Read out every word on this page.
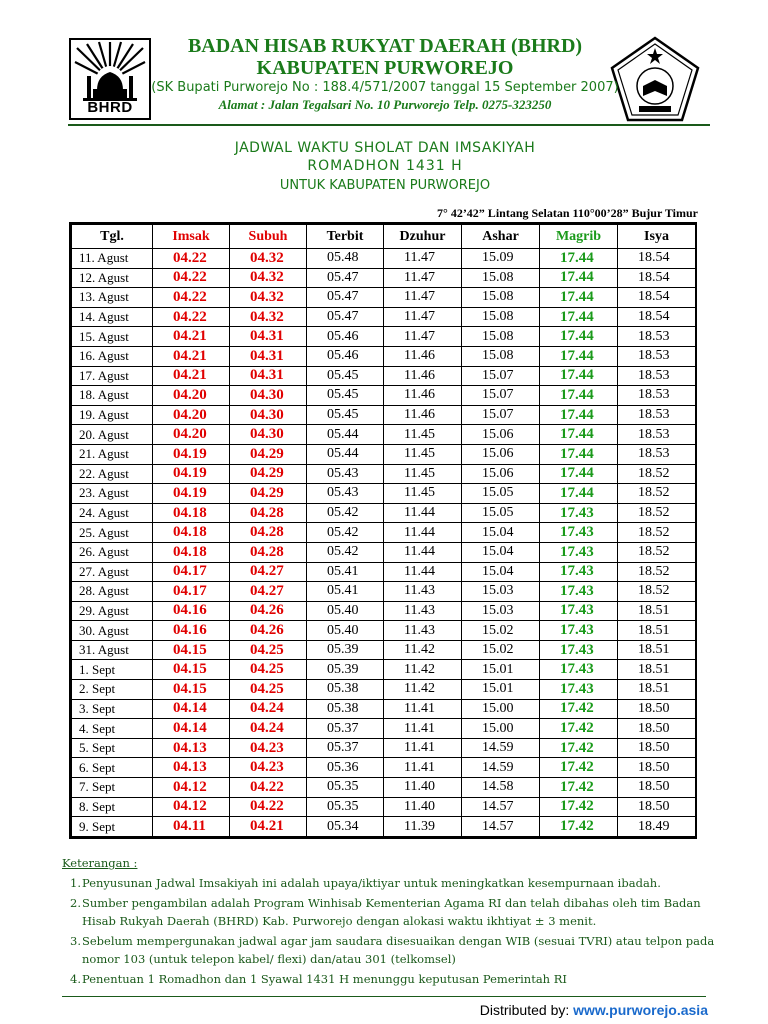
BHRD
BADAN HISAB RUKYAT DAERAH (BHRD)
KABUPATEN PURWOREJO
(SK Bupati Purworejo No : 188.4/571/2007 tanggal 15 September 2007)
Alamat : Jalan Tegalsari No. 10 Purworejo Telp. 0275-323250
JADWAL WAKTU SHOLAT DAN IMSAKIYAH
ROMADHON 1431 H
UNTUK KABUPATEN PURWOREJO
7° 42’42” Lintang Selatan 110°00’28” Bujur Timur
Tgl.	Imsak	Subuh	Terbit	Dzuhur	Ashar	Magrib	Isya
11. Agust	04.22	04.32	05.48	11.47	15.09	17.44	18.54
12. Agust	04.22	04.32	05.47	11.47	15.08	17.44	18.54
13. Agust	04.22	04.32	05.47	11.47	15.08	17.44	18.54
14. Agust	04.22	04.32	05.47	11.47	15.08	17.44	18.54
15. Agust	04.21	04.31	05.46	11.47	15.08	17.44	18.53
16. Agust	04.21	04.31	05.46	11.46	15.08	17.44	18.53
17. Agust	04.21	04.31	05.45	11.46	15.07	17.44	18.53
18. Agust	04.20	04.30	05.45	11.46	15.07	17.44	18.53
19. Agust	04.20	04.30	05.45	11.46	15.07	17.44	18.53
20. Agust	04.20	04.30	05.44	11.45	15.06	17.44	18.53
21. Agust	04.19	04.29	05.44	11.45	15.06	17.44	18.53
22. Agust	04.19	04.29	05.43	11.45	15.06	17.44	18.52
23. Agust	04.19	04.29	05.43	11.45	15.05	17.44	18.52
24. Agust	04.18	04.28	05.42	11.44	15.05	17.43	18.52
25. Agust	04.18	04.28	05.42	11.44	15.04	17.43	18.52
26. Agust	04.18	04.28	05.42	11.44	15.04	17.43	18.52
27. Agust	04.17	04.27	05.41	11.44	15.04	17.43	18.52
28. Agust	04.17	04.27	05.41	11.43	15.03	17.43	18.52
29. Agust	04.16	04.26	05.40	11.43	15.03	17.43	18.51
30. Agust	04.16	04.26	05.40	11.43	15.02	17.43	18.51
31. Agust	04.15	04.25	05.39	11.42	15.02	17.43	18.51
1. Sept	04.15	04.25	05.39	11.42	15.01	17.43	18.51
2. Sept	04.15	04.25	05.38	11.42	15.01	17.43	18.51
3. Sept	04.14	04.24	05.38	11.41	15.00	17.42	18.50
4. Sept	04.14	04.24	05.37	11.41	15.00	17.42	18.50
5. Sept	04.13	04.23	05.37	11.41	14.59	17.42	18.50
6. Sept	04.13	04.23	05.36	11.41	14.59	17.42	18.50
7. Sept	04.12	04.22	05.35	11.40	14.58	17.42	18.50
8. Sept	04.12	04.22	05.35	11.40	14.57	17.42	18.50
9. Sept	04.11	04.21	05.34	11.39	14.57	17.42	18.49
Keterangan :
1. Penyusunan Jadwal Imsakiyah ini adalah upaya/iktiyar untuk meningkatkan kesempurnaan ibadah.
2. Sumber pengambilan adalah Program Winhisab Kementerian Agama RI dan telah dibahas oleh tim Badan Hisab Rukyah Daerah (BHRD) Kab. Purworejo dengan alokasi waktu ikhtiyat ± 3 menit.
3. Sebelum mempergunakan jadwal agar jam saudara disesuaikan dengan WIB (sesuai TVRI) atau telpon pada nomor 103 (untuk telepon kabel/ flexi) dan/atau 301 (telkomsel)
4. Penentuan 1 Romadhon dan 1 Syawal 1431 H menunggu keputusan Pemerintah RI
Distributed by: www.purworejo.asia
